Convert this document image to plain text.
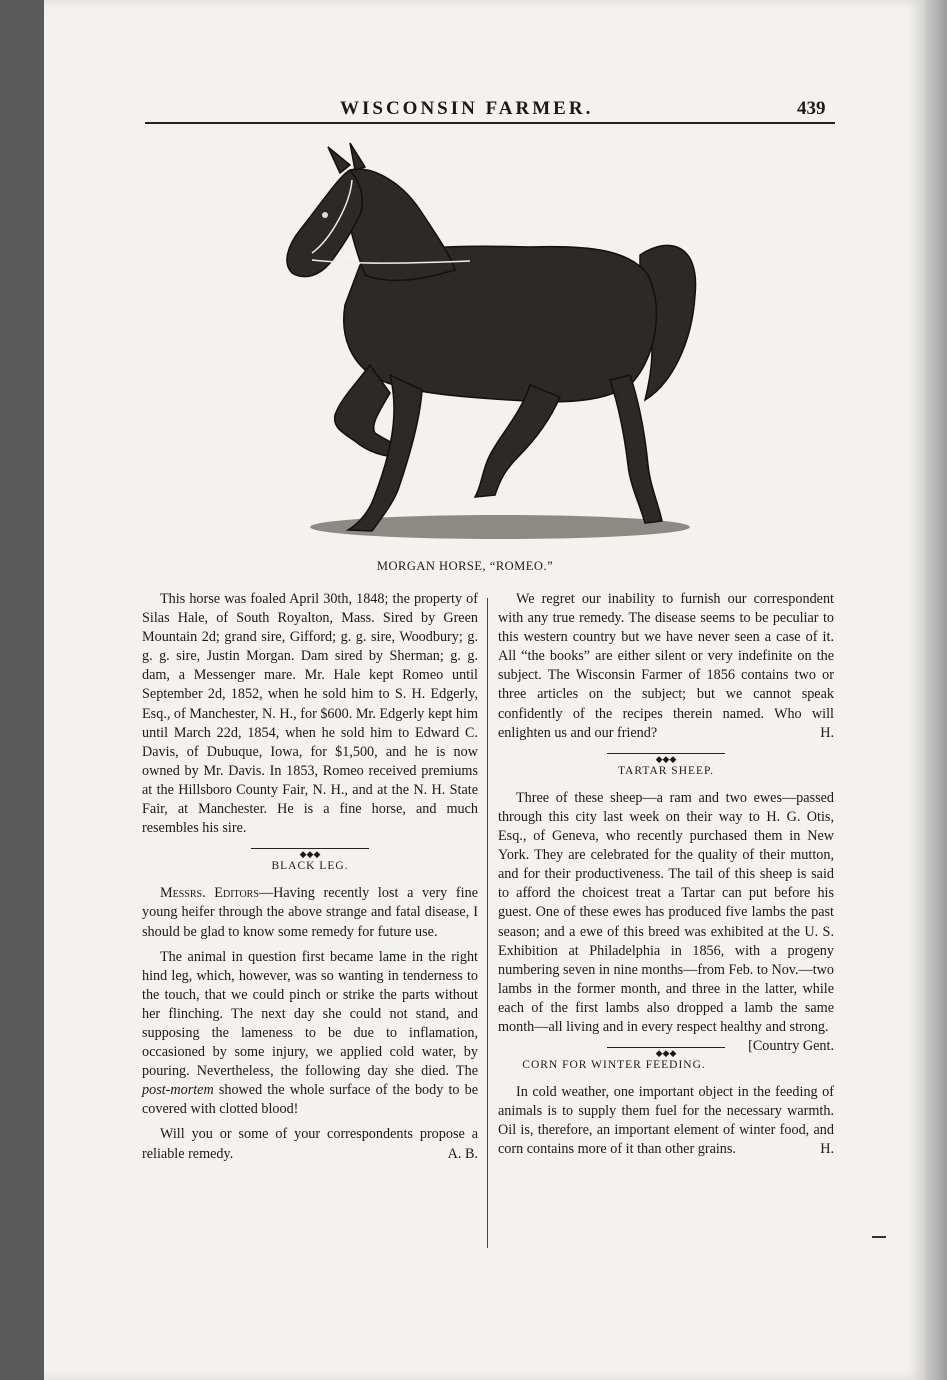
WISCONSIN FARMER.	439
MORGAN HORSE, “ROMEO.”

This horse was foaled April 30th, 1848; the property of Silas Hale, of South Royalton, Mass. Sired by Green Mountain 2d; grand sire, Gifford; g. g. sire, Woodbury; g. g. g. sire, Justin Morgan. Dam sired by Sherman; g. g. dam, a Messenger mare. Mr. Hale kept Romeo until September 2d, 1852, when he sold him to S. H. Edgerly, Esq., of Manchester, N. H., for $600. Mr. Edgerly kept him until March 22d, 1854, when he sold him to Edward C. Davis, of Dubuque, Iowa, for $1,500, and he is now owned by Mr. Davis. In 1853, Romeo received premiums at the Hillsboro County Fair, N. H., and at the N. H. State Fair, at Manchester. He is a fine horse, and much resembles his sire.

◆◆◆
BLACK LEG.

Messrs. Editors—Having recently lost a very fine young heifer through the above strange and fatal disease, I should be glad to know some remedy for future use.

The animal in question first became lame in the right hind leg, which, however, was so wanting in tenderness to the touch, that we could pinch or strike the parts without her flinching. The next day she could not stand, and supposing the lameness to be due to inflamation, occasioned by some injury, we applied cold water, by pouring. Nevertheless, the following day she died. The post-mortem showed the whole surface of the body to be covered with clotted blood!

Will you or some of your correspondents propose a reliable remedy.	A. B.

We regret our inability to furnish our correspondent with any true remedy. The disease seems to be peculiar to this western country but we have never seen a case of it. All “the books” are either silent or very indefinite on the subject. The Wisconsin Farmer of 1856 contains two or three articles on the subject; but we cannot speak confidently of the recipes therein named. Who will enlighten us and our friend?	H.

◆◆◆
TARTAR SHEEP.

Three of these sheep—a ram and two ewes—passed through this city last week on their way to H. G. Otis, Esq., of Geneva, who recently purchased them in New York. They are celebrated for the quality of their mutton, and for their productiveness. The tail of this sheep is said to afford the choicest treat a Tartar can put before his guest. One of these ewes has produced five lambs the past season; and a ewe of this breed was exhibited at the U. S. Exhibition at Philadelphia in 1856, with a progeny numbering seven in nine months—from Feb. to Nov.—two lambs in the former month, and three in the latter, while each of the first lambs also dropped a lamb the same month—all living and in every respect healthy and strong.
[Country Gent.

◆◆◆
CORN FOR WINTER FEEDING.

In cold weather, one important object in the feeding of animals is to supply them fuel for the necessary warmth. Oil is, therefore, an important element of winter food, and corn contains more of it than other grains.	H.
